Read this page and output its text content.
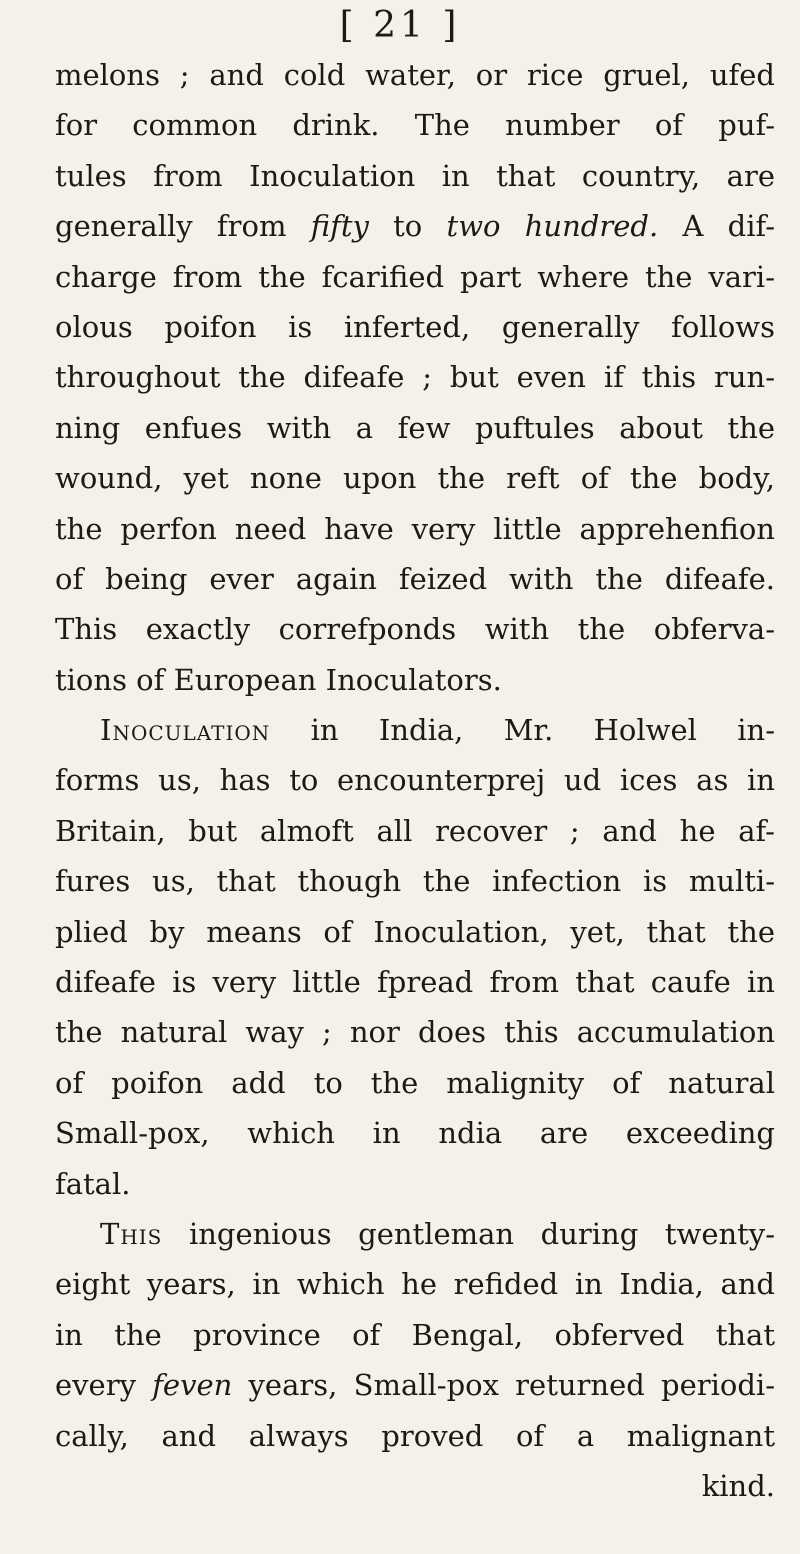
[ 21 ]
melons ; and cold water, or rice gruel, ufed
for common drink. The number of puf-
tules from Inoculation in that country, are
generally from fifty to two hundred. A dif-
charge from the fcarified part where the vari-
olous poifon is inferted, generally follows
throughout the difeafe ; but even if this run-
ning enfues with a few puftules about the
wound, yet none upon the reft of the body,
the perfon need have very little apprehenfion
of being ever again feized with the difeafe.
This exactly correfponds with the obferva-
tions of European Inoculators.
Inoculation in India, Mr. Holwel in-
forms us, has to encounterprej ud ices as in
Britain, but almoft all recover ; and he af-
fures us, that though the infection is multi-
plied by means of Inoculation, yet, that the
difeafe is very little fpread from that caufe in
the natural way ; nor does this accumulation
of poifon add to the malignity of natural
Small-pox, which in ndia are exceeding
fatal.
This ingenious gentleman during twenty-
eight years, in which he refided in India, and
in the province of Bengal, obferved that
every feven years, Small-pox returned periodi-
cally, and always proved of a malignant
kind.
